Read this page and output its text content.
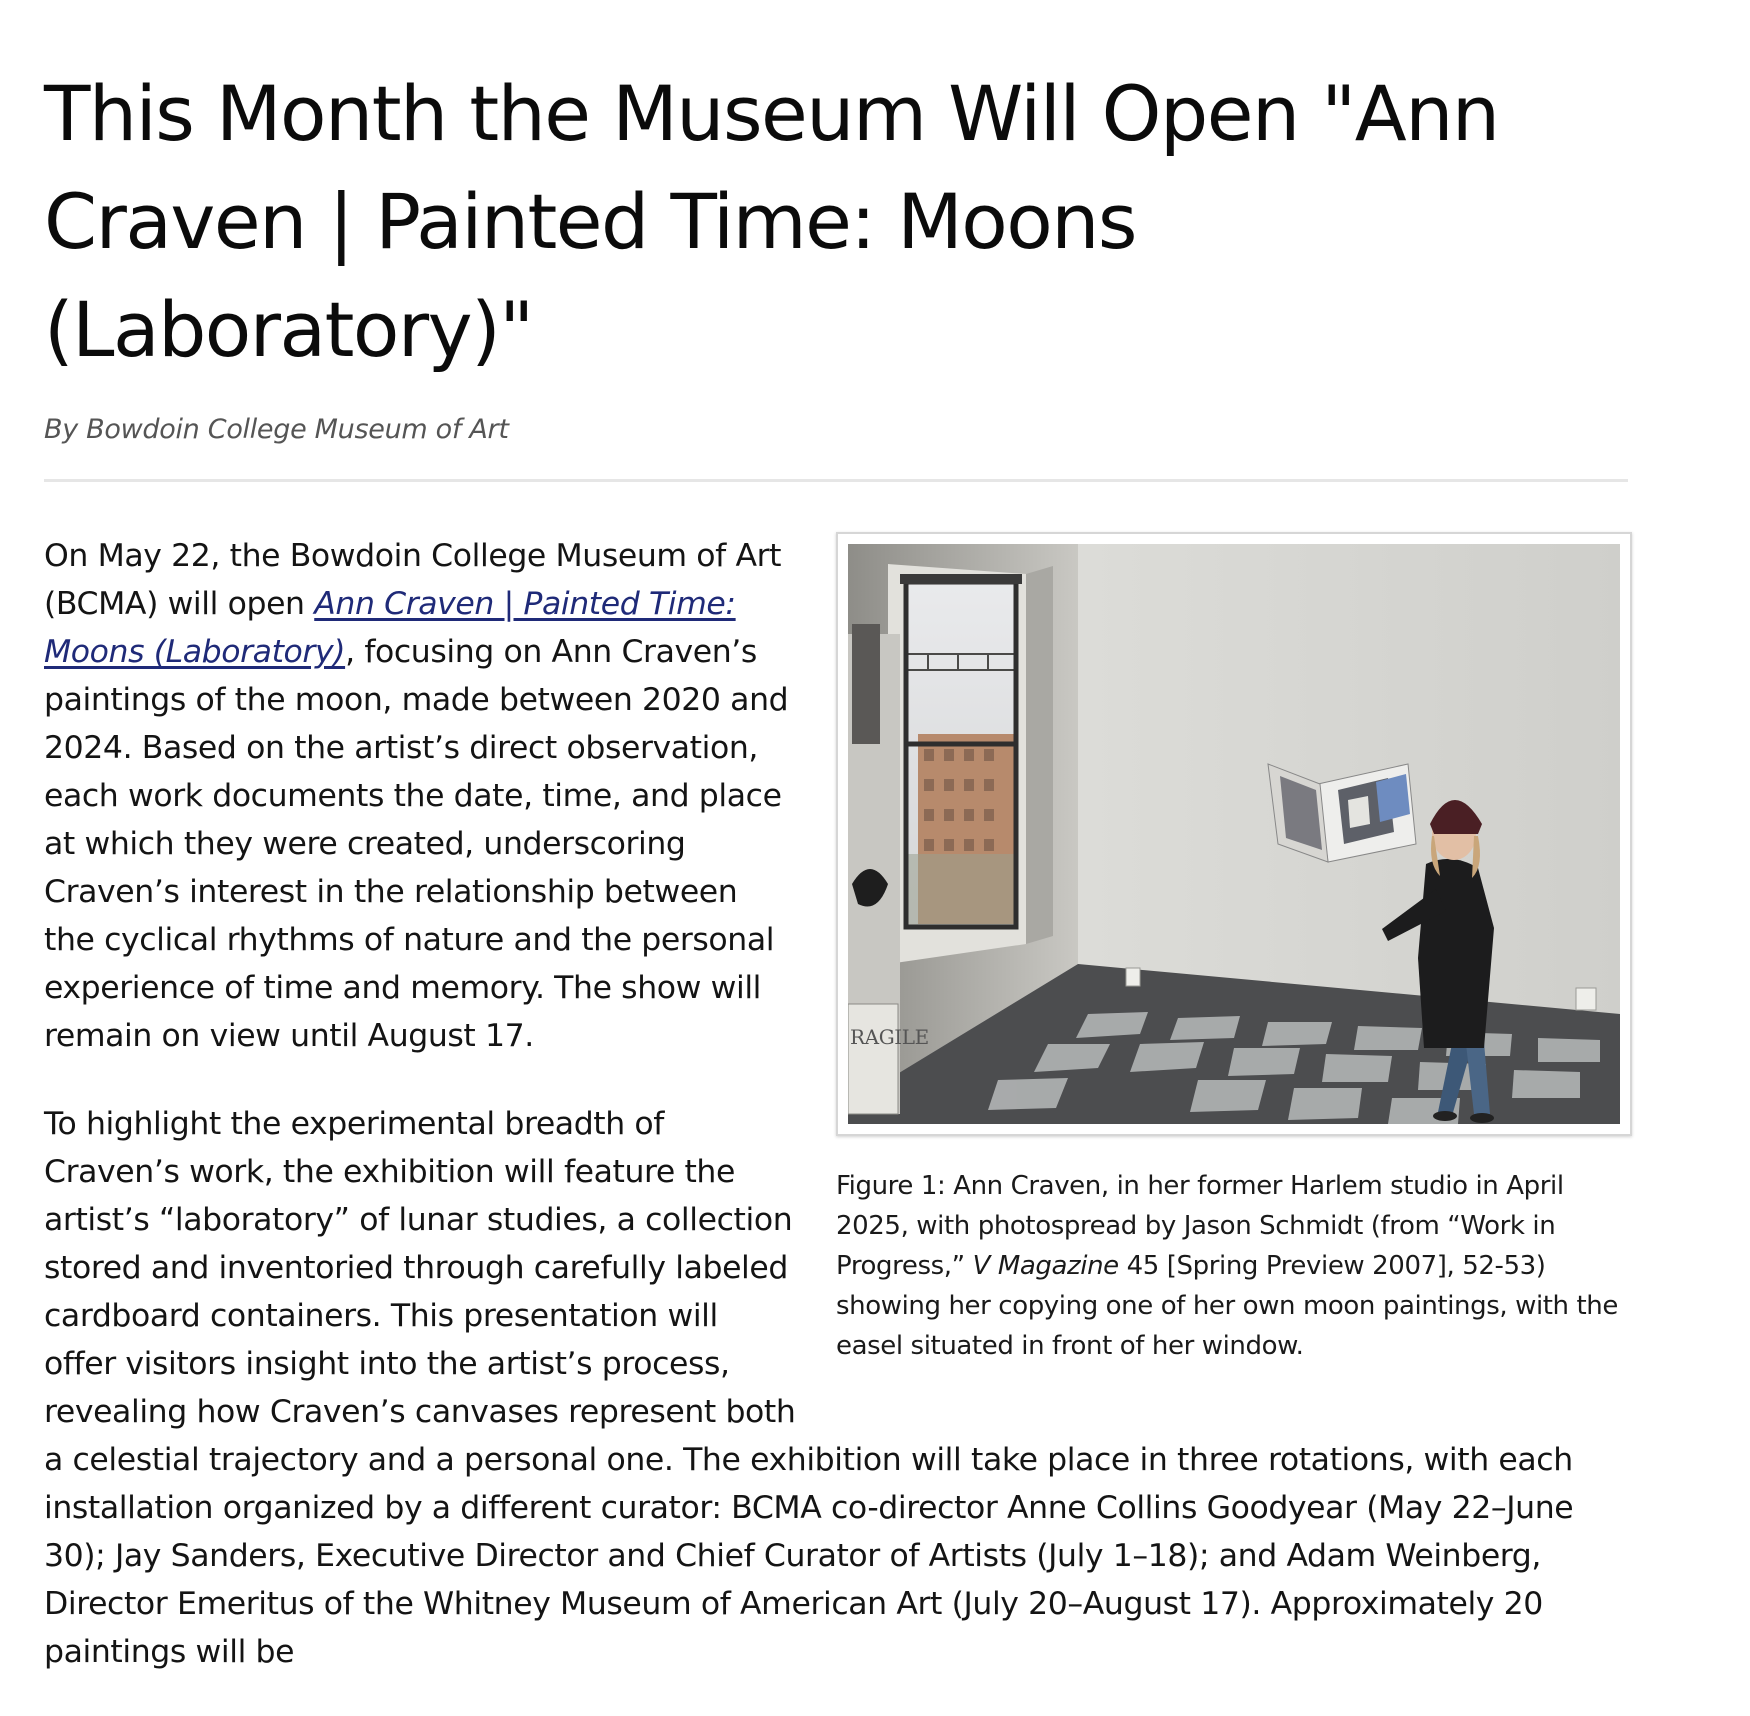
This Month the Museum Will Open "Ann Craven | Painted Time: Moons (Laboratory)"
By Bowdoin College Museum of Art
RAGILE
Figure 1: Ann Craven, in her former Harlem studio in April 2025, with photospread by Jason Schmidt (from “Work in Progress,” V Magazine 45 [Spring Preview 2007], 52-53) showing her copying one of her own moon paintings, with the easel situated in front of her window.

On May 22, the Bowdoin College Museum of Art (BCMA) will open Ann Craven | Painted Time: Moons (Laboratory), focusing on Ann Craven’s paintings of the moon, made between 2020 and 2024. Based on the artist’s direct observation, each work documents the date, time, and place at which they were created, underscoring Craven’s interest in the relationship between the cyclical rhythms of nature and the personal experience of time and memory. The show will remain on view until August 17.

To highlight the experimental breadth of Craven’s work, the exhibition will feature the artist’s “laboratory” of lunar studies, a collection stored and inventoried through carefully labeled cardboard containers. This presentation will offer visitors insight into the artist’s process, revealing how Craven’s canvases represent both a celestial trajectory and a personal one. The exhibition will take place in three rotations, with each installation organized by a different curator: BCMA co-director Anne Collins Goodyear (May 22–June 30); Jay Sanders, Executive Director and Chief Curator of Artists (July 1–18); and Adam Weinberg, Director Emeritus of the Whitney Museum of American Art (July 20–August 17). Approximately 20 paintings will be
